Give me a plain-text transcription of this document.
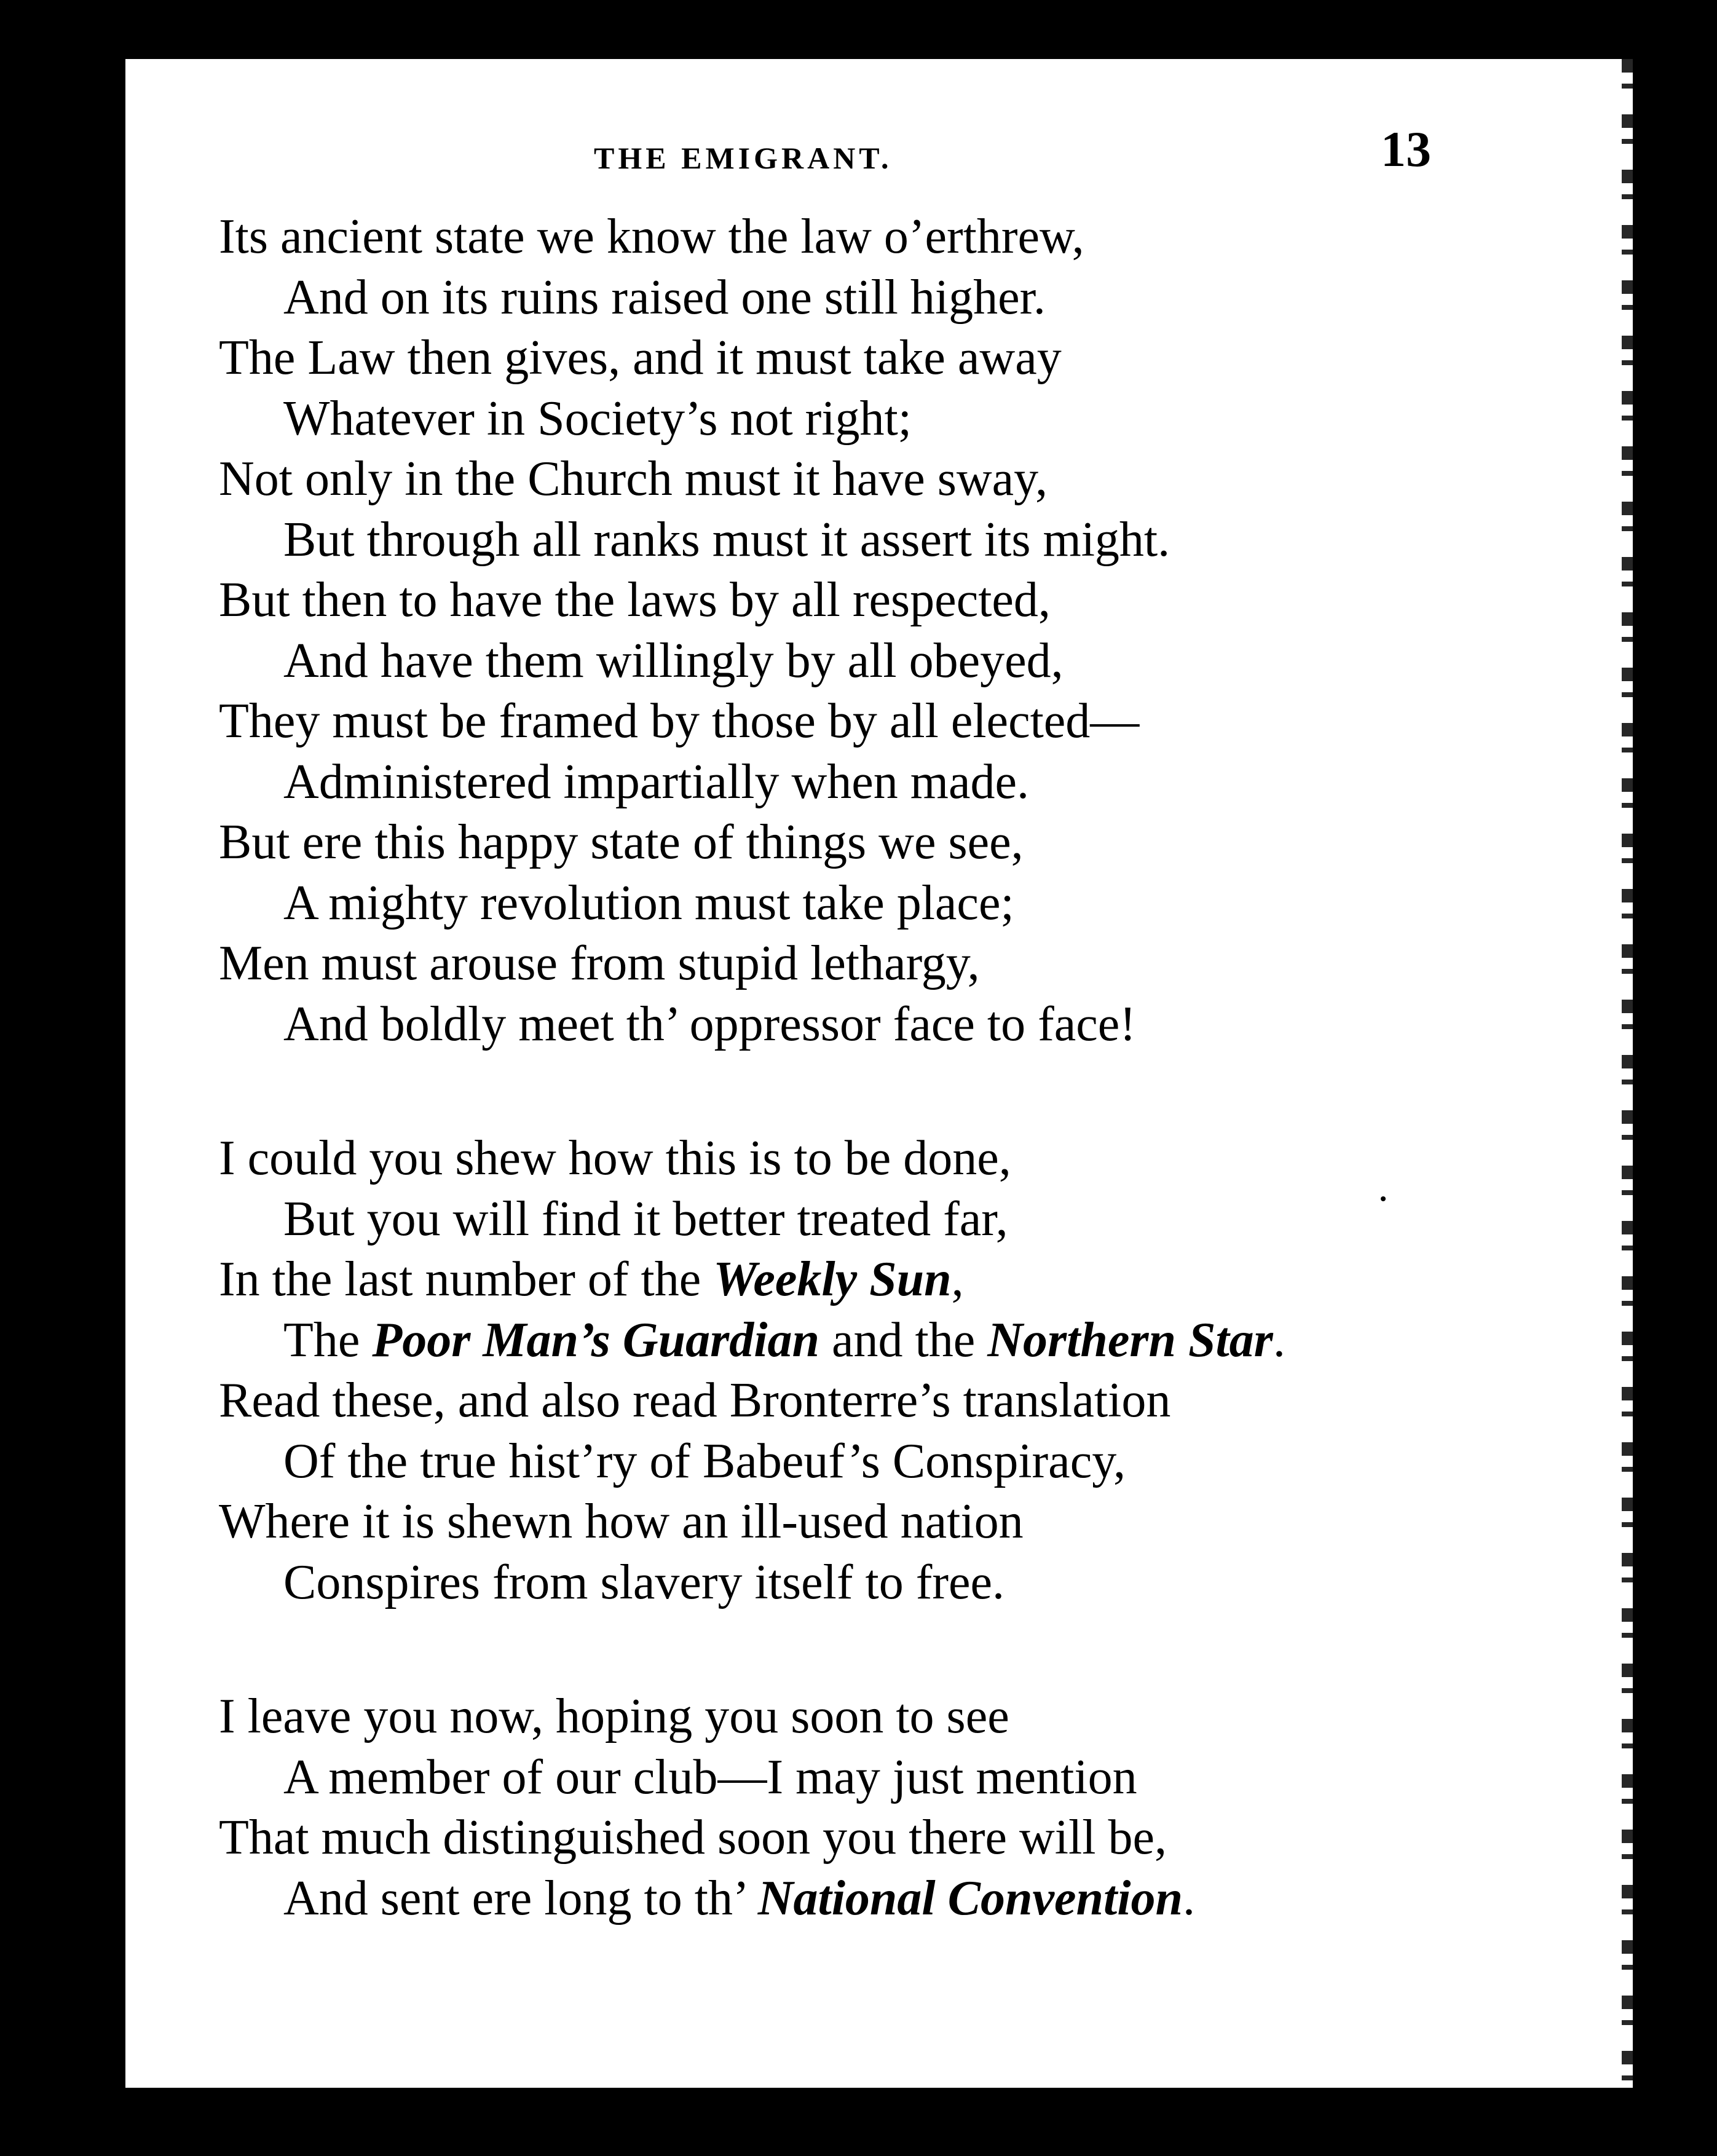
THE EMIGRANT.	13
Its ancient state we know the law o’erthrew,
And on its ruins raised one still higher.
The Law then gives, and it must take away
Whatever in Society’s not right;
Not only in the Church must it have sway,
But through all ranks must it assert its might.
But then to have the laws by all respected,
And have them willingly by all obeyed,
They must be framed by those by all elected—
Administered impartially when made.
But ere this happy state of things we see,
A mighty revolution must take place;
Men must arouse from stupid lethargy,
And boldly meet th’ oppressor face to face!
I could you shew how this is to be done,
But you will find it better treated far,
In the last number of the Weekly Sun,
The Poor Man’s Guardian and the Northern Star.
Read these, and also read Bronterre’s translation
Of the true hist’ry of Babeuf’s Conspiracy,
Where it is shewn how an ill-used nation
Conspires from slavery itself to free.
I leave you now, hoping you soon to see
A member of our club—I may just mention
That much distinguished soon you there will be,
And sent ere long to th’ National Convention.
